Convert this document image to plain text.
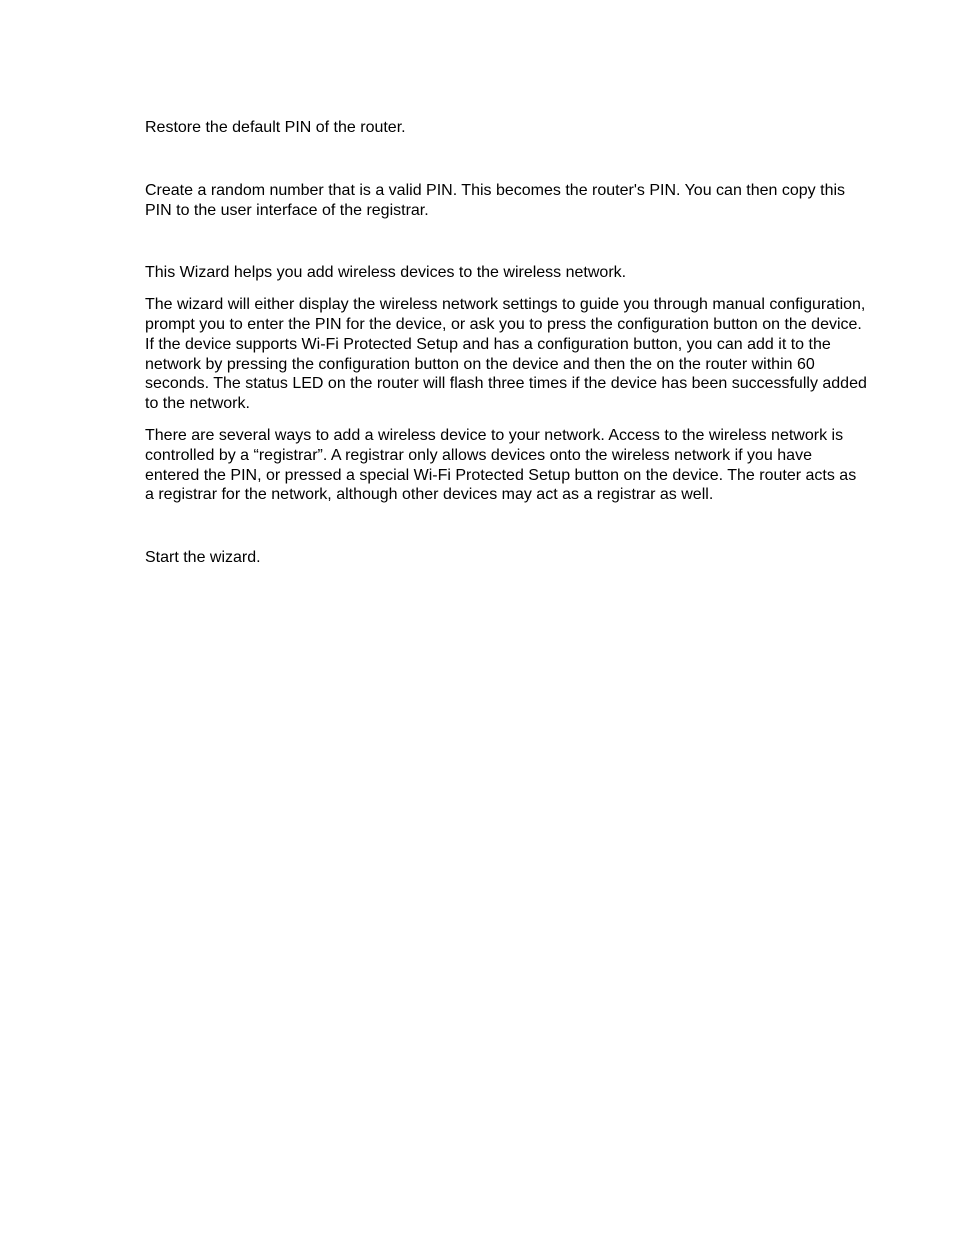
Restore the default PIN of the router.

Create a random number that is a valid PIN. This becomes the router's PIN. You can then copy this PIN to the user interface of the registrar.

This Wizard helps you add wireless devices to the wireless network.

The wizard will either display the wireless network settings to guide you through manual configuration, prompt you to enter the PIN for the device, or ask you to press the configuration button on the device. If the device supports Wi-Fi Protected Setup and has a configuration button, you can add it to the network by pressing the configuration button on the device and then the on the router within 60 seconds. The status LED on the router will flash three times if the device has been successfully added to the network.

There are several ways to add a wireless device to your network. Access to the wireless network is controlled by a “registrar”. A registrar only allows devices onto the wireless network if you have entered the PIN, or pressed a special Wi-Fi Protected Setup button on the device. The router acts as a registrar for the network, although other devices may act as a registrar as well.

Start the wizard.
